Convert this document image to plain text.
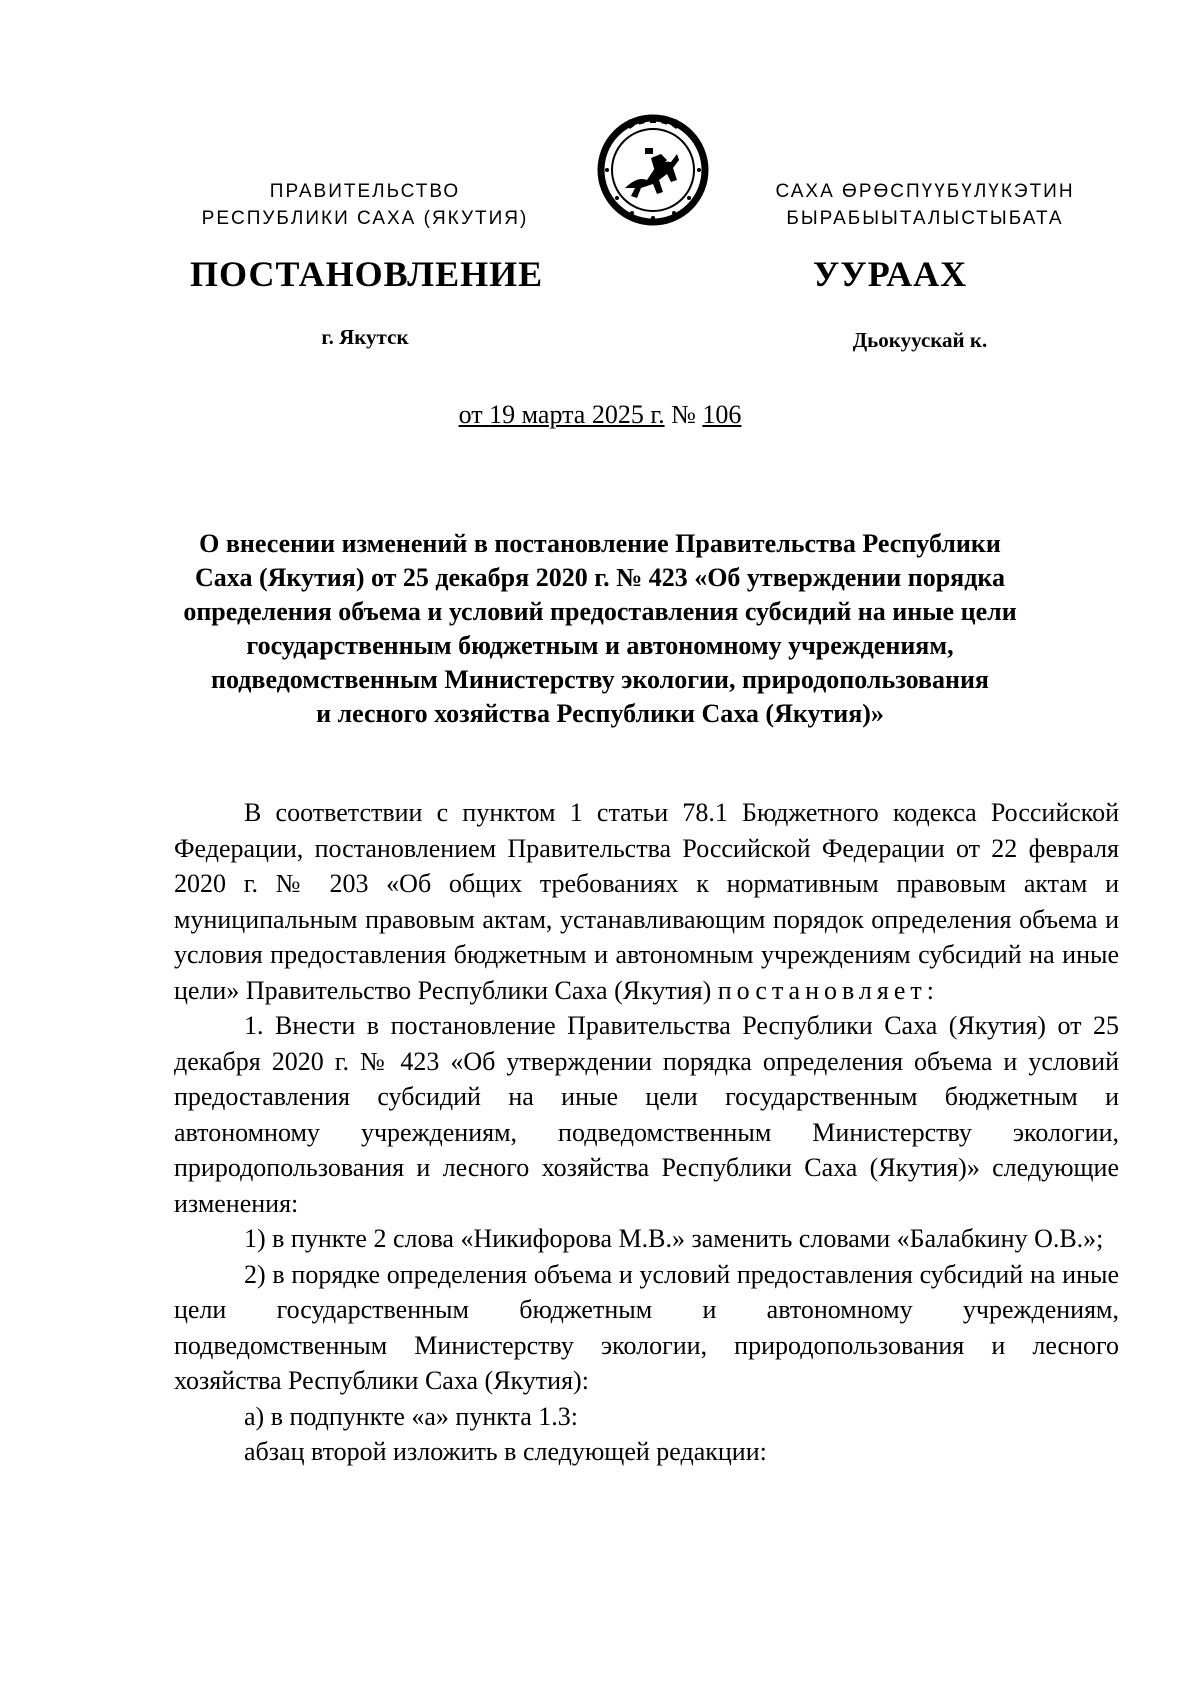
ПРАВИТЕЛЬСТВО
РЕСПУБЛИКИ САХА (ЯКУТИЯ)
САХА ӨРӨСПҮҮБҮЛҮКЭТИН
БЫРАБЫЫТАЛЫСТЫБАТА
ПОСТАНОВЛЕНИЕ	УУРААХ
г. Якутск	Дьокуускай к.
от 19 марта 2025 г. № 106
О внесении изменений в постановление Правительства Республики
Саха (Якутия) от 25 декабря 2020 г. № 423 «Об утверждении порядка
определения объема и условий предоставления субсидий на иные цели
государственным бюджетным и автономному учреждениям,
подведомственным Министерству экологии, природопользования
и лесного хозяйства Республики Саха (Якутия)»

В соответствии с пунктом 1 статьи 78.1 Бюджетного кодекса Российской Федерации, постановлением Правительства Российской Федерации от 22 февраля 2020 г. № 203 «Об общих требованиях к нормативным правовым актам и муниципальным правовым актам, устанавливающим порядок определения объема и условия предоставления бюджетным и автономным учреждениям субсидий на иные цели» Правительство Республики Саха (Якутия) постановляет:

1. Внести в постановление Правительства Республики Саха (Якутия) от 25 декабря 2020 г. № 423 «Об утверждении порядка определения объема и условий предоставления субсидий на иные цели государственным бюджетным и автономному учреждениям, подведомственным Министерству экологии, природопользования и лесного хозяйства Республики Саха (Якутия)» следующие изменения:

1) в пункте 2 слова «Никифорова М.В.» заменить словами «Балабкину О.В.»;

2) в порядке определения объема и условий предоставления субсидий на иные цели государственным бюджетным и автономному учреждениям, подведомственным Министерству экологии, природопользования и лесного хозяйства Республики Саха (Якутия):

а) в подпункте «а» пункта 1.3:

абзац второй изложить в следующей редакции:
